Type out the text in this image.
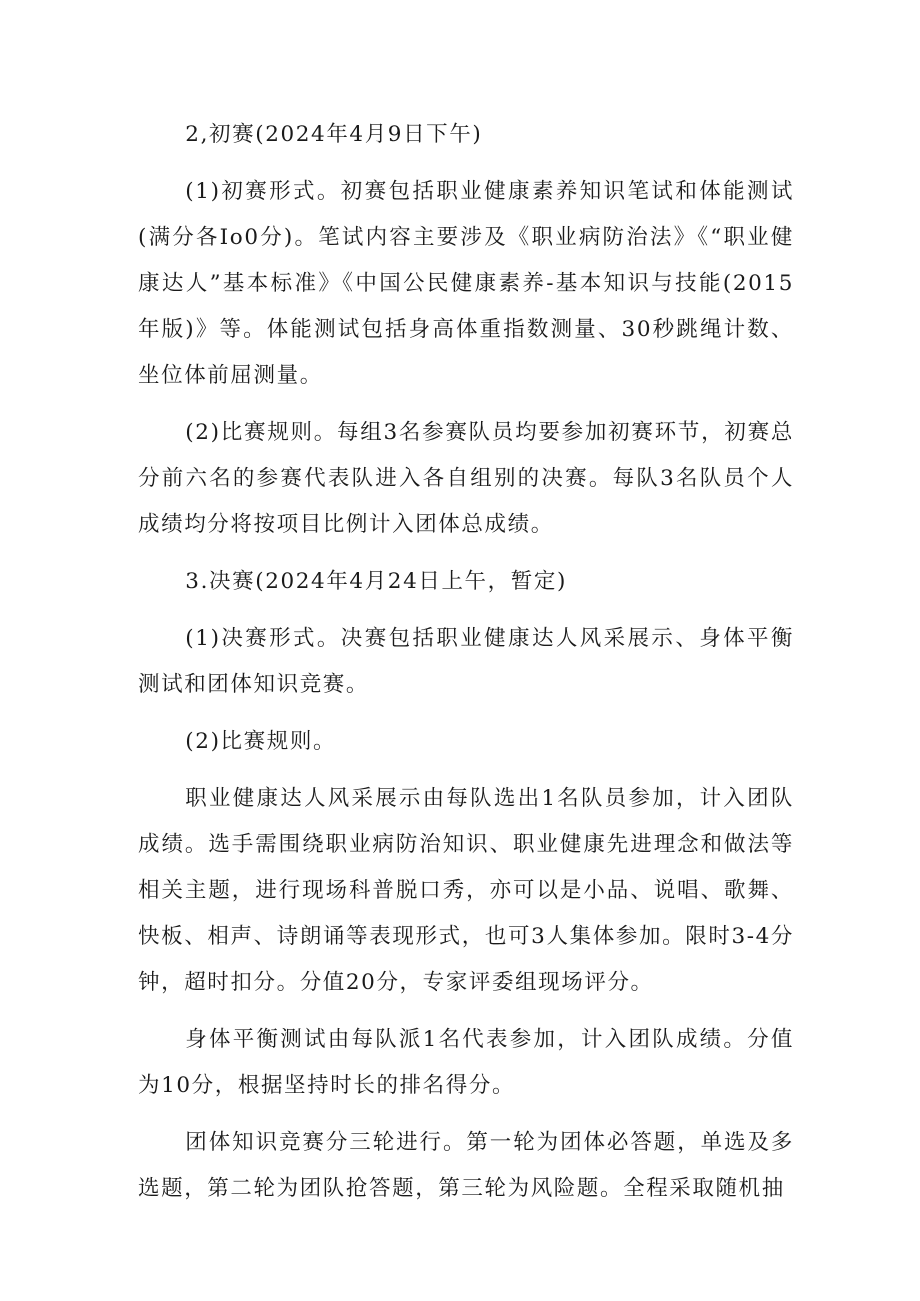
2,初赛(2024年4月9日下午)

(1)初赛形式。初赛包括职业健康素养知识笔试和体能测试(满分各Io0分)。笔试内容主要涉及《职业病防治法》《“职业健康达人”基本标准》《中国公民健康素养-基本知识与技能(2015年版)》等。体能测试包括身高体重指数测量、30秒跳绳计数、坐位体前屈测量。

(2)比赛规则。每组3名参赛队员均要参加初赛环节，初赛总分前六名的参赛代表队进入各自组别的决赛。每队3名队员个人成绩均分将按项目比例计入团体总成绩。

3.决赛(2024年4月24日上午，暂定)

(1)决赛形式。决赛包括职业健康达人风采展示、身体平衡测试和团体知识竞赛。

(2)比赛规则。

职业健康达人风采展示由每队选出1名队员参加，计入团队成绩。选手需围绕职业病防治知识、职业健康先进理念和做法等相关主题，进行现场科普脱口秀，亦可以是小品、说唱、歌舞、快板、相声、诗朗诵等表现形式，也可3人集体参加。限时3-4分钟，超时扣分。分值20分，专家评委组现场评分。

身体平衡测试由每队派1名代表参加，计入团队成绩。分值为10分，根据坚持时长的排名得分。

团体知识竞赛分三轮进行。第一轮为团体必答题，单选及多选题，第二轮为团队抢答题，第三轮为风险题。全程采取随机抽
